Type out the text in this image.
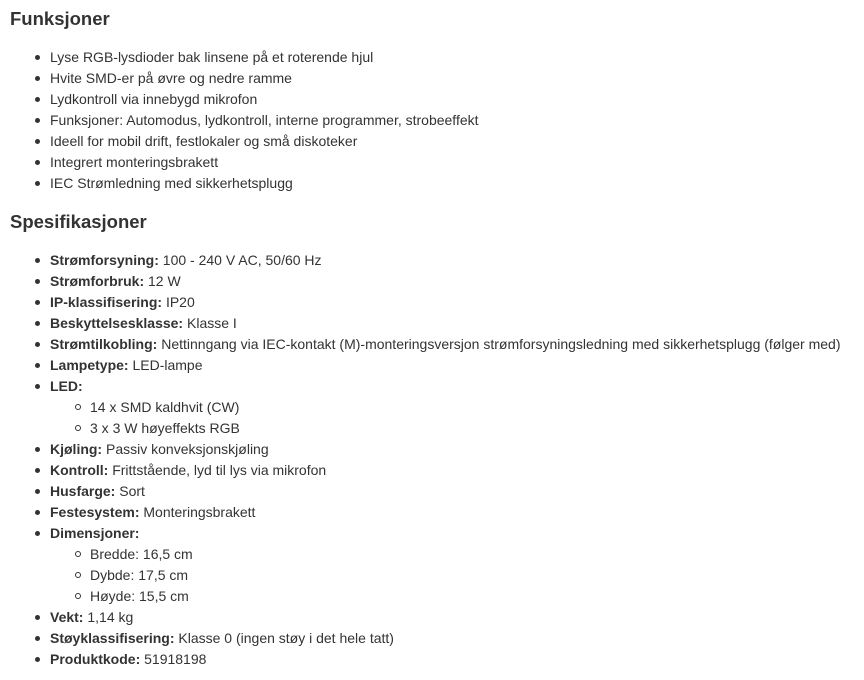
Funksjoner
Lyse RGB-lysdioder bak linsene på et roterende hjul
Hvite SMD-er på øvre og nedre ramme
Lydkontroll via innebygd mikrofon
Funksjoner: Automodus, lydkontroll, interne programmer, strobeeffekt
Ideell for mobil drift, festlokaler og små diskoteker
Integrert monteringsbrakett
IEC Strømledning med sikkerhetsplugg
Spesifikasjoner
Strømforsyning: 100 - 240 V AC, 50/60 Hz
Strømforbruk: 12 W
IP-klassifisering: IP20
Beskyttelsesklasse: Klasse I
Strømtilkobling: Nettinngang via IEC-kontakt (M)-monteringsversjon strømforsyningsledning med sikkerhetsplugg (følger med)
Lampetype: LED-lampe
LED:
14 x SMD kaldhvit (CW)
3 x 3 W høyeffekts RGB
Kjøling: Passiv konveksjonskjøling
Kontroll: Frittstående, lyd til lys via mikrofon
Husfarge: Sort
Festesystem: Monteringsbrakett
Dimensjoner:
Bredde: 16,5 cm
Dybde: 17,5 cm
Høyde: 15,5 cm
Vekt: 1,14 kg
Støyklassifisering: Klasse 0 (ingen støy i det hele tatt)
Produktkode: 51918198
